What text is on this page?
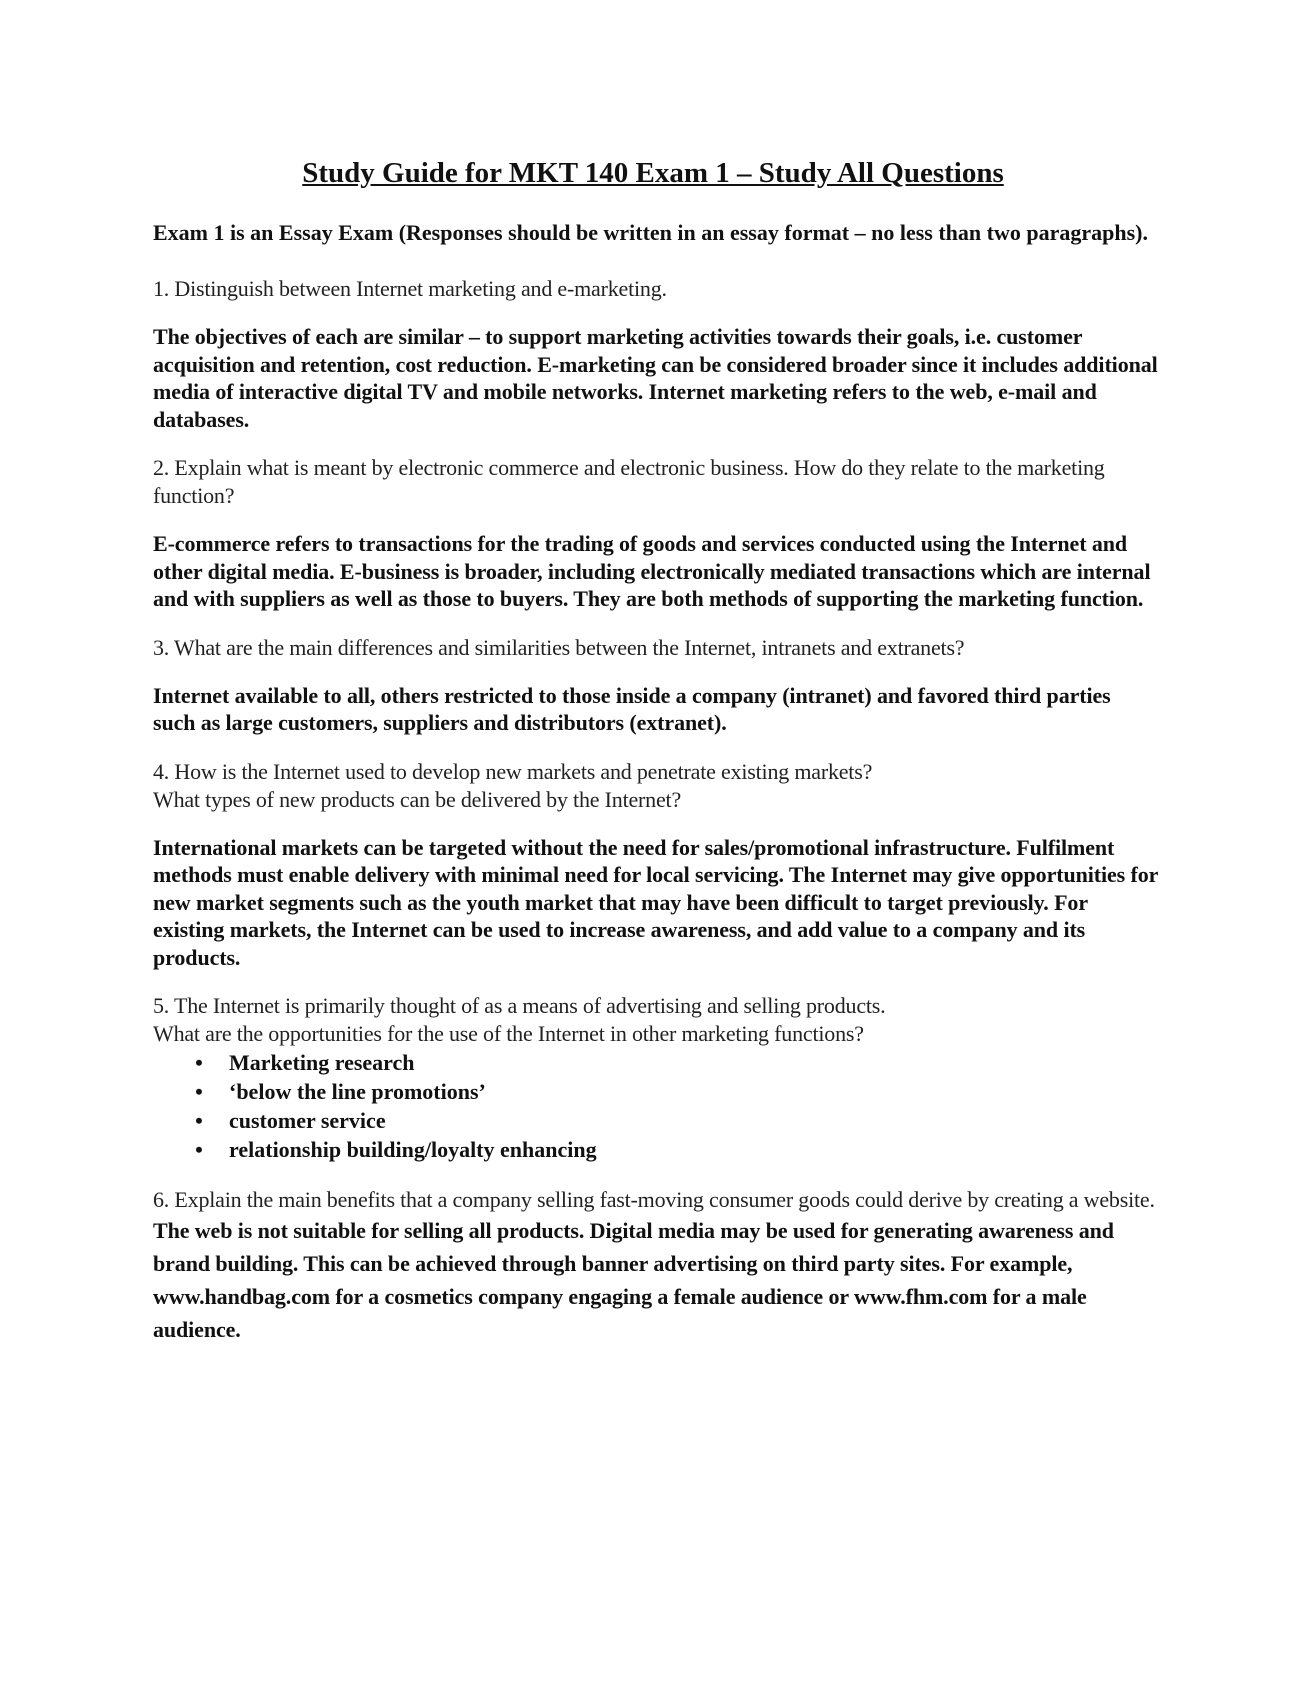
Study Guide for MKT 140 Exam 1 – Study All Questions

Exam 1 is an Essay Exam (Responses should be written in an essay format – no less than two paragraphs).

1. Distinguish between Internet marketing and e-marketing.

The objectives of each are similar – to support marketing activities towards their goals, i.e. customer acquisition and retention, cost reduction. E-marketing can be considered broader since it includes additional media of interactive digital TV and mobile networks. Internet marketing refers to the web, e-mail and databases.

2. Explain what is meant by electronic commerce and electronic business. How do they relate to the marketing function?

E-commerce refers to transactions for the trading of goods and services conducted using the Internet and other digital media. E-business is broader, including electronically mediated transactions which are internal and with suppliers as well as those to buyers. They are both methods of supporting the marketing function.

3. What are the main differences and similarities between the Internet, intranets and extranets?

Internet available to all, others restricted to those inside a company (intranet) and favored third parties such as large customers, suppliers and distributors (extranet).

4. How is the Internet used to develop new markets and penetrate existing markets?
What types of new products can be delivered by the Internet?

International markets can be targeted without the need for sales/promotional infrastructure. Fulfilment methods must enable delivery with minimal need for local servicing. The Internet may give opportunities for new market segments such as the youth market that may have been difficult to target previously. For existing markets, the Internet can be used to increase awareness, and add value to a company and its products.

5. The Internet is primarily thought of as a means of advertising and selling products.
What are the opportunities for the use of the Internet in other marketing functions?

• Marketing research
• ‘below the line promotions’
• customer service
• relationship building/loyalty enhancing

6. Explain the main benefits that a company selling fast-moving consumer goods could derive by creating a website.

The web is not suitable for selling all products. Digital media may be used for generating awareness and brand building. This can be achieved through banner advertising on third party sites. For example, www.handbag.com for a cosmetics company engaging a female audience or www.fhm.com for a male audience.
